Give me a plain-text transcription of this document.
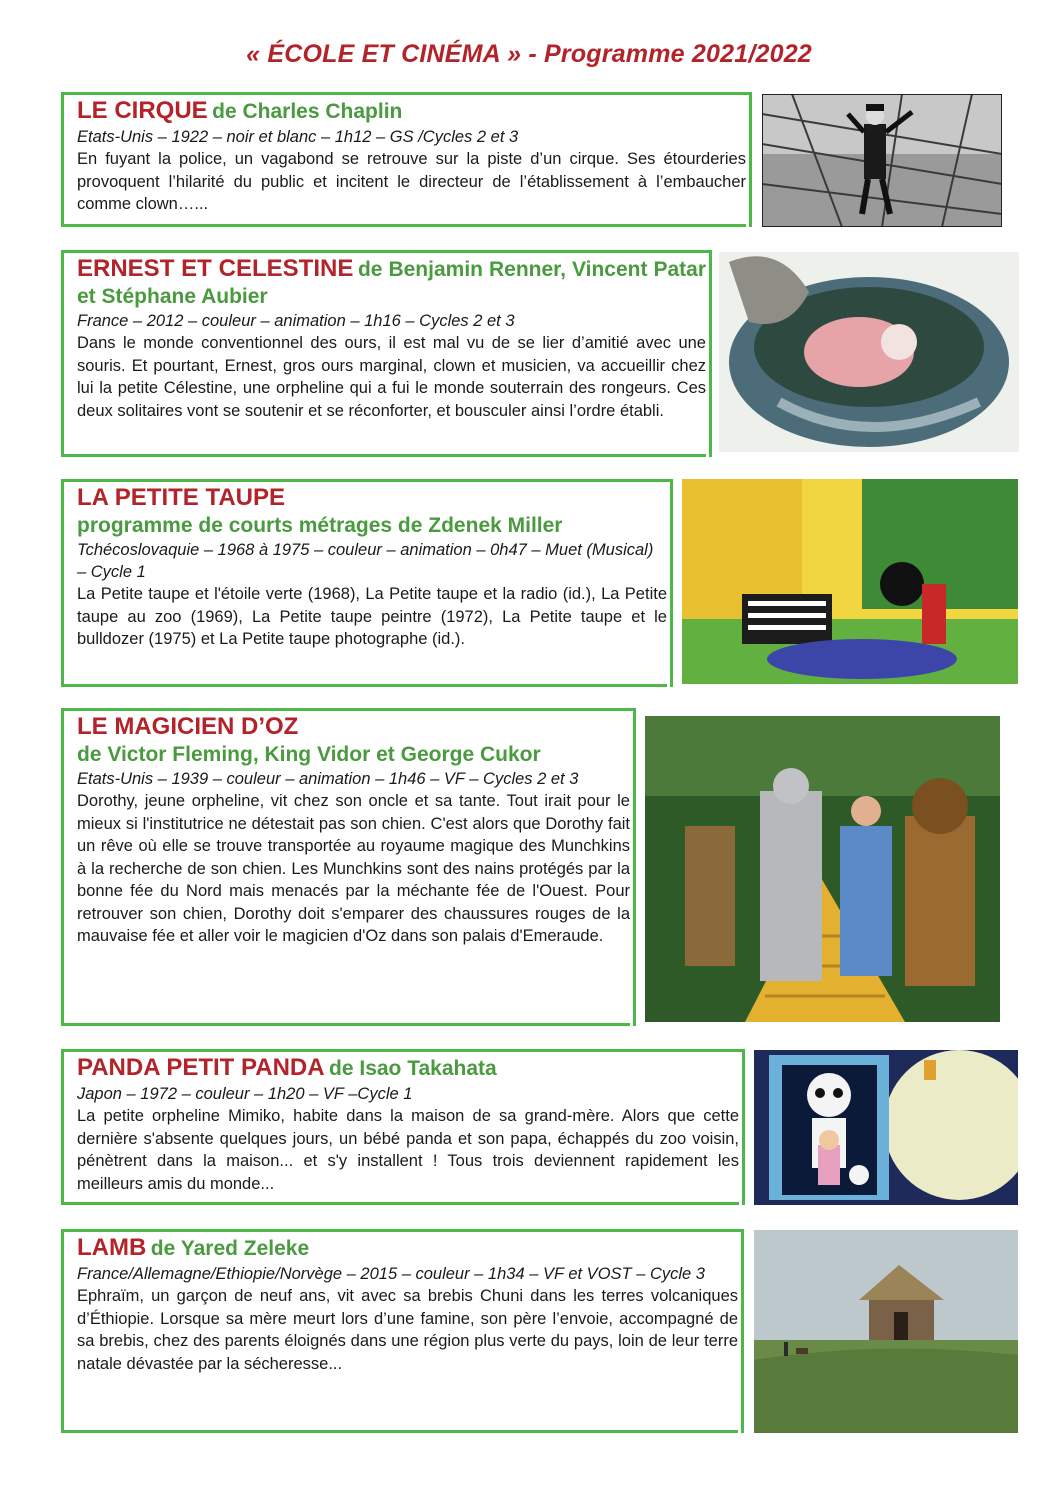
« ÉCOLE ET CINÉMA » - Programme 2021/2022
LE CIRQUE de Charles Chaplin
Etats-Unis – 1922 – noir et blanc – 1h12 – GS /Cycles 2 et 3
En fuyant la police, un vagabond se retrouve sur la piste d’un cirque. Ses étourderies provoquent l’hilarité du public et incitent le directeur de l’établissement à l’embaucher comme clown…...
ERNEST ET CELESTINE de Benjamin Renner, Vincent Patar et Stéphane Aubier
France – 2012 – couleur – animation – 1h16 – Cycles 2 et 3
Dans le monde conventionnel des ours, il est mal vu de se lier d’amitié avec une souris. Et pourtant, Ernest, gros ours marginal, clown et musicien, va accueillir chez lui la petite Célestine, une orpheline qui a fui le monde souterrain des rongeurs. Ces deux solitaires vont se soutenir et se réconforter, et bousculer ainsi l’ordre établi.
LA PETITE TAUPE
programme de courts métrages de Zdenek Miller
Tchécoslovaquie – 1968 à 1975 – couleur – animation – 0h47 – Muet (Musical) – Cycle 1
La Petite taupe et l'étoile verte (1968), La Petite taupe et la radio (id.), La Petite taupe au zoo (1969), La Petite taupe peintre (1972), La Petite taupe et le bulldozer (1975) et La Petite taupe photographe (id.).
LE MAGICIEN D’OZ
de Victor Fleming, King Vidor et George Cukor
Etats-Unis – 1939 – couleur – animation – 1h46 – VF – Cycles 2 et 3
Dorothy, jeune orpheline, vit chez son oncle et sa tante. Tout irait pour le mieux si l'institutrice ne détestait pas son chien. C'est alors que Dorothy fait un rêve où elle se trouve transportée au royaume magique des Munchkins à la recherche de son chien. Les Munchkins sont des nains protégés par la bonne fée du Nord mais menacés par la méchante fée de l'Ouest. Pour retrouver son chien, Dorothy doit s'emparer des chaussures rouges de la mauvaise fée et aller voir le magicien d'Oz dans son palais d'Emeraude.
PANDA PETIT PANDA de Isao Takahata
Japon – 1972 – couleur – 1h20 – VF –Cycle 1
La petite orpheline Mimiko, habite dans la maison de sa grand-mère. Alors que cette dernière s'absente quelques jours, un bébé panda et son papa, échappés du zoo voisin, pénètrent dans la maison... et s'y installent ! Tous trois deviennent rapidement les meilleurs amis du monde...
LAMB de Yared Zeleke
France/Allemagne/Ethiopie/Norvège – 2015 – couleur – 1h34 – VF et VOST – Cycle 3
Ephraïm, un garçon de neuf ans, vit avec sa brebis Chuni dans les terres volcaniques d’Éthiopie. Lorsque sa mère meurt lors d’une famine, son père l’envoie, accompagné de sa brebis, chez des parents éloignés dans une région plus verte du pays, loin de leur terre natale dévastée par la sécheresse...
